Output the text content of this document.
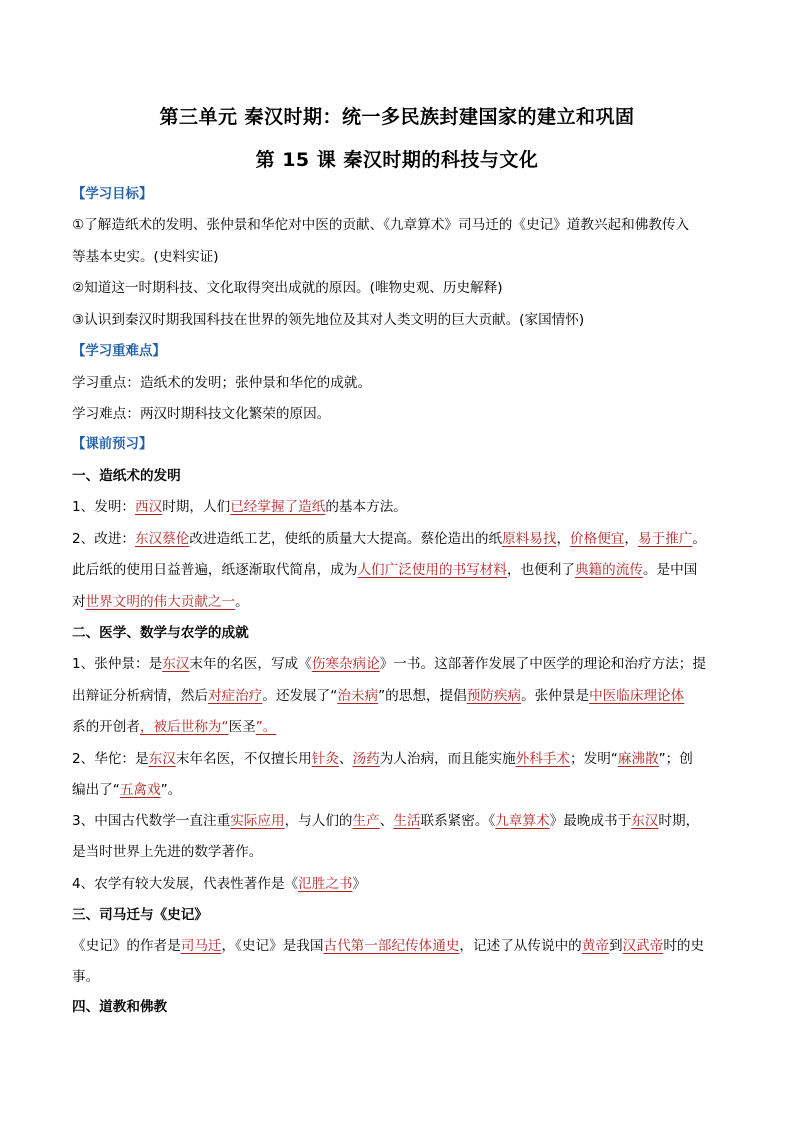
第三单元 秦汉时期：统一多民族封建国家的建立和巩固
第 15 课 秦汉时期的科技与文化
【学习目标】
①了解造纸术的发明、张仲景和华佗对中医的贡献、《九章算术》司马迁的《史记》道教兴起和佛教传入
等基本史实。(史料实证)
②知道这一时期科技、文化取得突出成就的原因。(唯物史观、历史解释)
③认识到秦汉时期我国科技在世界的领先地位及其对人类文明的巨大贡献。(家国情怀)
【学习重难点】
学习重点：造纸术的发明；张仲景和华佗的成就。
学习难点：两汉时期科技文化繁荣的原因。
【课前预习】
一、造纸术的发明
1、发明：西汉时期，人们已经掌握了造纸的基本方法。
2、改进：东汉蔡伦改进造纸工艺，使纸的质量大大提高。蔡伦造出的纸原料易找，价格便宜，易于推广。
此后纸的使用日益普遍，纸逐渐取代简帛，成为人们广泛使用的书写材料，也便利了典籍的流传。是中国
对世界文明的伟大贡献之一。
二、医学、数学与农学的成就
1、张仲景：是东汉末年的名医，写成《伤寒杂病论》一书。这部著作发展了中医学的理论和治疗方法；提
出辩证分析病情，然后对症治疗。还发展了“治未病”的思想，提倡预防疾病。张仲景是中医临床理论体
系的开创者，被后世称为“医圣”。
2、华佗：是东汉末年名医，不仅擅长用针灸、汤药为人治病，而且能实施外科手术；发明“麻沸散”；创
编出了“五禽戏”。
3、中国古代数学一直注重实际应用，与人们的生产、生活联系紧密。《九章算术》最晚成书于东汉时期，
是当时世界上先进的数学著作。
4、农学有较大发展，代表性著作是《氾胜之书》
三、司马迁与《史记》
《史记》的作者是司马迁，《史记》是我国古代第一部纪传体通史，记述了从传说中的黄帝到汉武帝时的史
事。
四、道教和佛教
